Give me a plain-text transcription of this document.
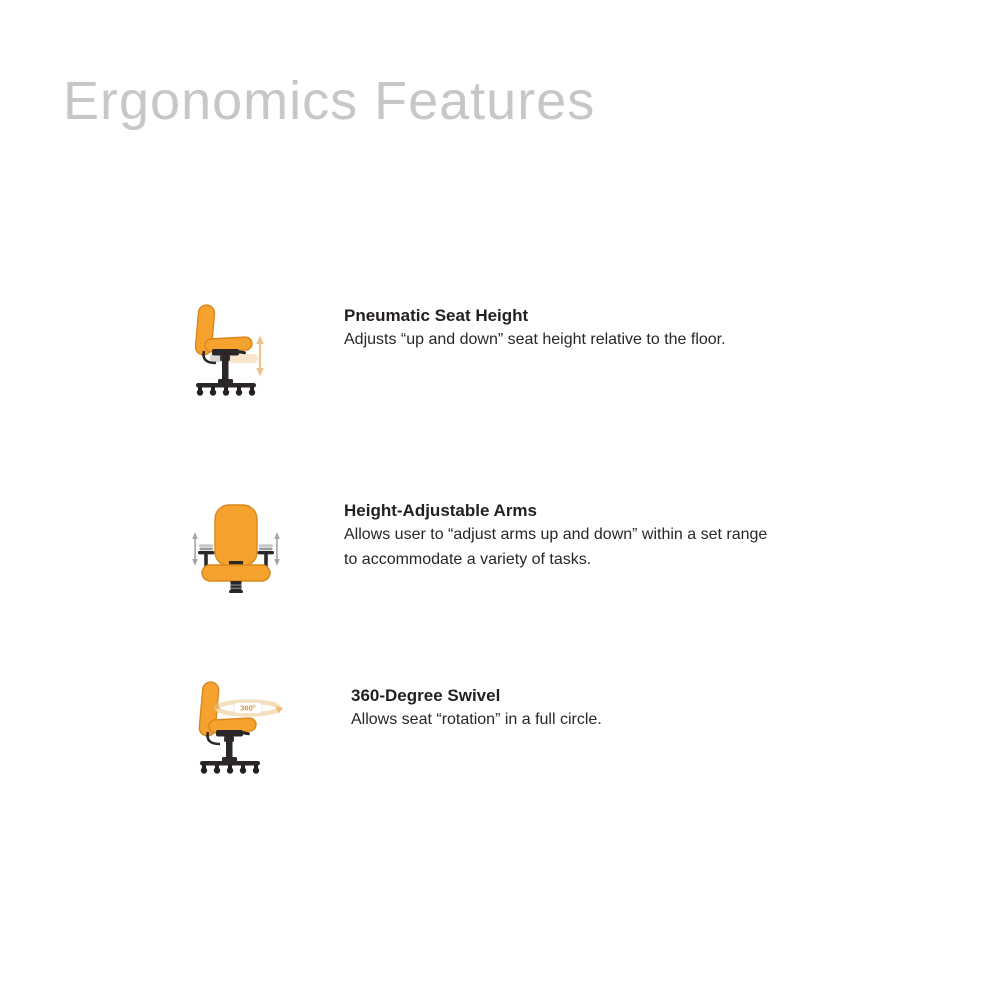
Ergonomics Features
Pneumatic Seat Height

Adjusts “up and down” seat height relative to the floor.

Height-Adjustable Arms

Allows user to “adjust arms up and down” within a set range

to accommodate a variety of tasks.

360°
360-Degree Swivel

Allows seat “rotation” in a full circle.
